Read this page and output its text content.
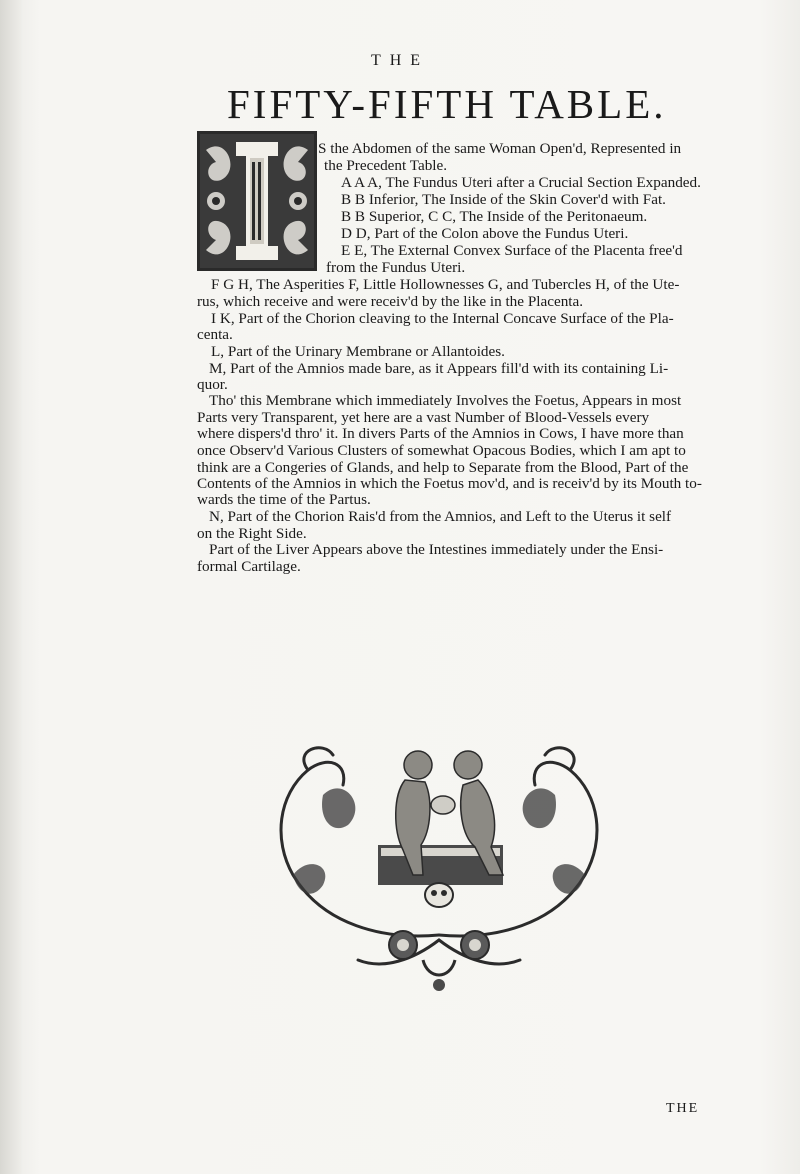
THE
FIFTY-FIFTH TABLE.

S the Abdomen of the same Woman Open'd, Represented in

the Precedent Table.

A A A, The Fundus Uteri after a Crucial Section Expanded.

B B Inferior, The Inside of the Skin Cover'd with Fat.

B B Superior, C C, The Inside of the Peritonaeum.

D D, Part of the Colon above the Fundus Uteri.

E E, The External Convex Surface of the Placenta free'd

from the Fundus Uteri.

F G H, The Asperities F, Little Hollownesses G, and Tubercles H, of the Ute-

rus, which receive and were receiv'd by the like in the Placenta.

I K, Part of the Chorion cleaving to the Internal Concave Surface of the Pla-

centa.

L, Part of the Urinary Membrane or Allantoides.

M, Part of the Amnios made bare, as it Appears fill'd with its containing Li-

quor.

Tho' this Membrane which immediately Involves the Foetus, Appears in most

Parts very Transparent, yet here are a vast Number of Blood-Vessels every

where dispers'd thro' it. In divers Parts of the Amnios in Cows, I have more than

once Observ'd Various Clusters of somewhat Opacous Bodies, which I am apt to

think are a Congeries of Glands, and help to Separate from the Blood, Part of the

Contents of the Amnios in which the Foetus mov'd, and is receiv'd by its Mouth to-

wards the time of the Partus.

N, Part of the Chorion Rais'd from the Amnios, and Left to the Uterus it self

on the Right Side.

Part of the Liver Appears above the Intestines immediately under the Ensi-

formal Cartilage.

THE
